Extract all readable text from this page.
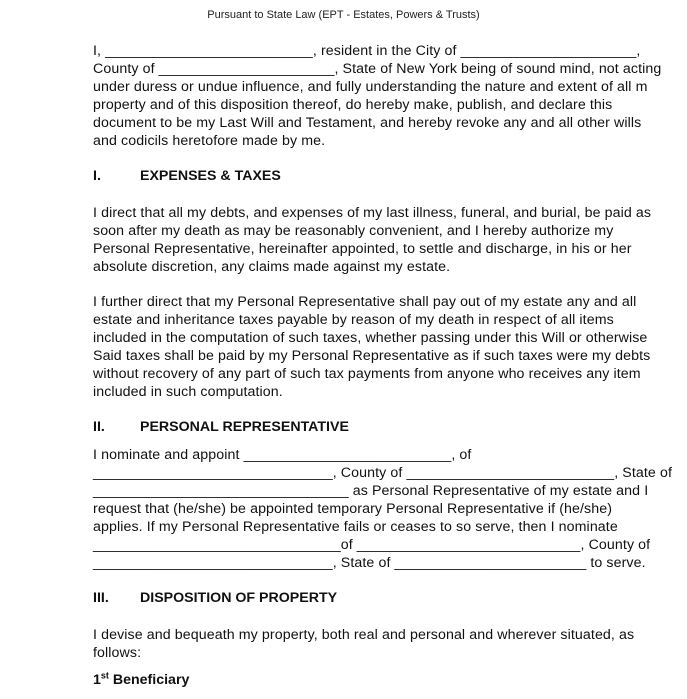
Pursuant to State Law (EPT - Estates, Powers & Trusts)
I, __________________________, resident in the City of ______________________,
County of ______________________, State of New York being of sound mind, not acting
under duress or undue influence, and fully understanding the nature and extent of all m
property and of this disposition thereof, do hereby make, publish, and declare this
document to be my Last Will and Testament, and hereby revoke any and all other wills
and codicils heretofore made by me.
I.	EXPENSES & TAXES
I direct that all my debts, and expenses of my last illness, funeral, and burial, be paid as
soon after my death as may be reasonably convenient, and I hereby authorize my
Personal Representative, hereinafter appointed, to settle and discharge, in his or her
absolute discretion, any claims made against my estate.
I further direct that my Personal Representative shall pay out of my estate any and all
estate and inheritance taxes payable by reason of my death in respect of all items
included in the computation of such taxes, whether passing under this Will or otherwise
Said taxes shall be paid by my Personal Representative as if such taxes were my debts
without recovery of any part of such tax payments from anyone who receives any item
included in such computation.
II. PERSONAL REPRESENTATIVE
I nominate and appoint __________________________, of
______________________________, County of __________________________, State of
________________________________ as Personal Representative of my estate and I
request that (he/she) be appointed temporary Personal Representative if (he/she)
applies. If my Personal Representative fails or ceases to so serve, then I nominate
_______________________________of ____________________________, County of
______________________________, State of ________________________ to serve.
III. DISPOSITION OF PROPERTY
I devise and bequeath my property, both real and personal and wherever situated, as
follows:
1st Beneficiary
